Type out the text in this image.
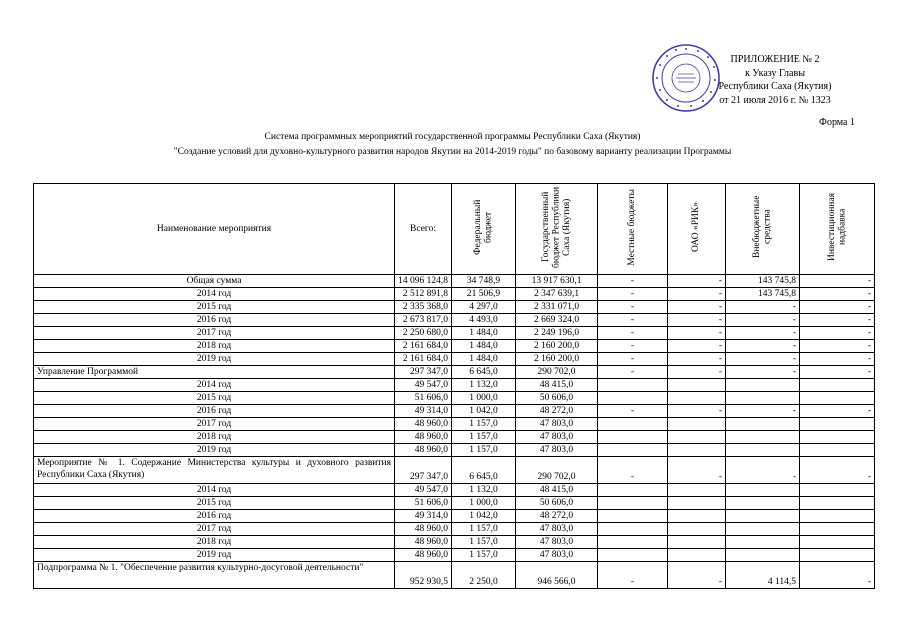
ПРИЛОЖЕНИЕ № 2
к Указу Главы
Республики Саха (Якутия)
от 21 июля 2016 г. № 1323
Форма 1
Система программных мероприятий государственной программы Республики Саха (Якутия)
"Создание условий для духовно-культурного развития народов Якутии на 2014-2019 годы" по базовому варианту реализации Программы
Наименование мероприятия	Всего:	Федеральный бюджет	Государственный бюджет Республики Саха (Якутия)	Местные бюджеты	ОАО «РИК»	Внебюджетные средства	Инвестиционная надбавка
Общая сумма	14 096 124,8	34 748,9	13 917 630,1	-	-	143 745,8	-
2014 год	2 512 891,8	21 506,9	2 347 639,1	-	-	143 745,8	-
2015 год	2 335 368,0	4 297,0	2 331 071,0	-	-	-	-
2016 год	2 673 817,0	4 493,0	2 669 324,0	-	-	-	-
2017 год	2 250 680,0	1 484,0	2 249 196,0	-	-	-	-
2018 год	2 161 684,0	1 484,0	2 160 200,0	-	-	-	-
2019 год	2 161 684,0	1 484,0	2 160 200,0	-	-	-	-
Управление Программой	297 347,0	6 645,0	290 702,0	-	-	-	-
2014 год	49 547,0	1 132,0	48 415,0				
2015 год	51 606,0	1 000,0	50 606,0				
2016 год	49 314,0	1 042,0	48 272,0	-	-	-	-
2017 год	48 960,0	1 157,0	47 803,0				
2018 год	48 960,0	1 157,0	47 803,0				
2019 год	48 960,0	1 157,0	47 803,0				
Мероприятие № 1. Содержание Министерства культуры и духовного развития Республики Саха (Якутия)	297 347,0	6 645,0	290 702,0	-	-	-	-
2014 год	49 547,0	1 132,0	48 415,0				
2015 год	51 606,0	1 000,0	50 606,0				
2016 год	49 314,0	1 042,0	48 272,0				
2017 год	48 960,0	1 157,0	47 803,0				
2018 год	48 960,0	1 157,0	47 803,0				
2019 год	48 960,0	1 157,0	47 803,0				
Подпрограмма № 1. "Обеспечение развития культурно-досуговой деятельности"	952 930,5	2 250,0	946 566,0	-	-	4 114,5	-
